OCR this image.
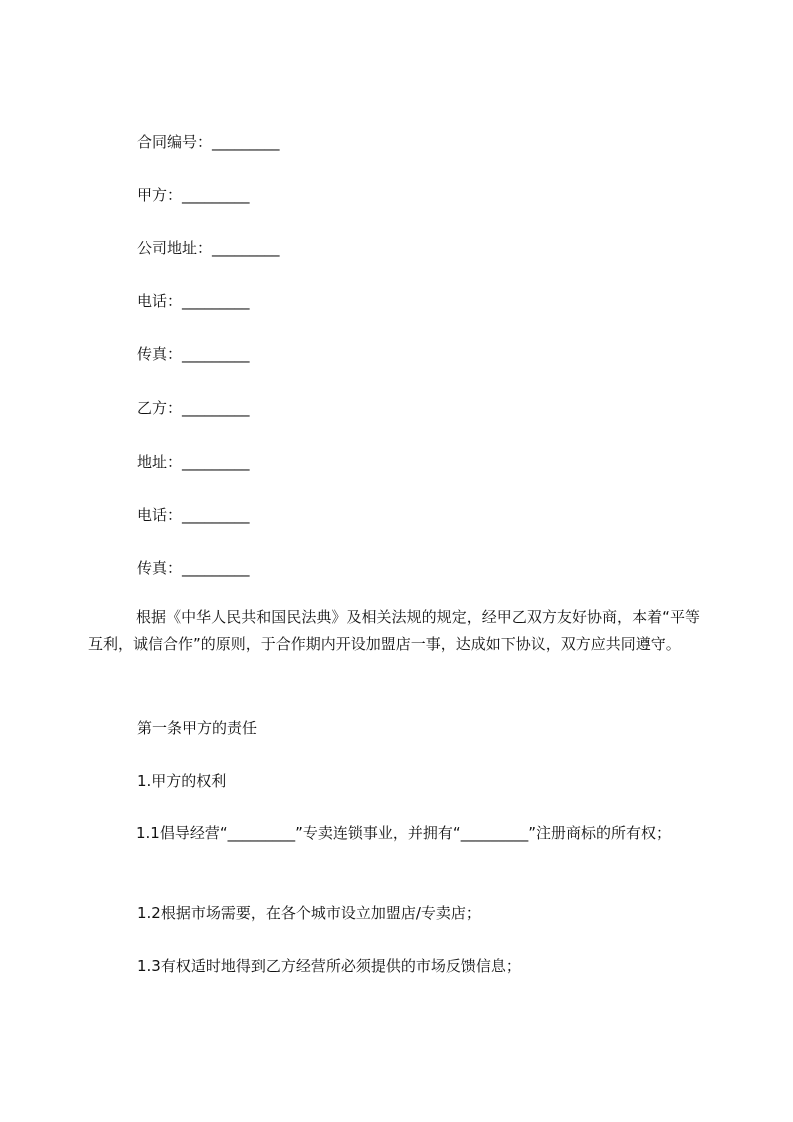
合同编号：_________
甲方：_________
公司地址：_________
电话：_________
传真：_________
乙方：_________
地址：_________
电话：_________
传真：_________
根据《中华人民共和国民法典》及相关法规的规定，经甲乙双方友好协商，本着“平等互利，诚信合作”的原则，于合作期内开设加盟店一事，达成如下协议，双方应共同遵守。
第一条甲方的责任
1.甲方的权利
1.1倡导经营“_________”专卖连锁事业，并拥有“_________”注册商标的所有权；
1.2根据市场需要，在各个城市设立加盟店/专卖店；
1.3有权适时地得到乙方经营所必须提供的市场反馈信息；
